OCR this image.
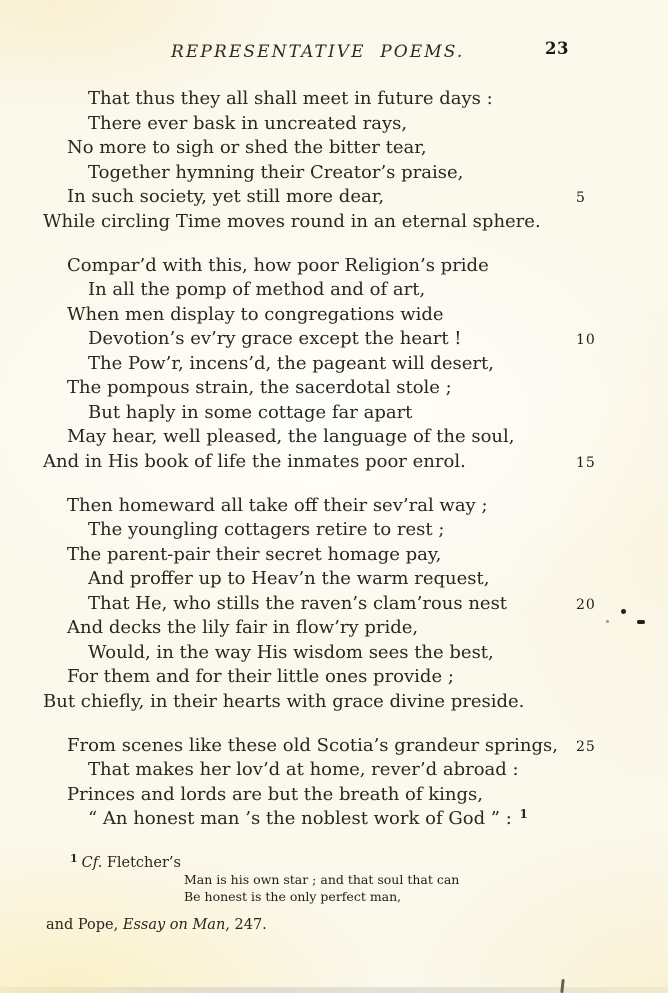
REPRESENTATIVE POEMS.	23
That thus they all shall meet in future days :
There ever bask in uncreated rays,
No more to sigh or shed the bitter tear,
Together hymning their Creator’s praise,
In such society, yet still more dear,	5
While circling Time moves round in an eternal sphere.
Compar’d with this, how poor Religion’s pride
In all the pomp of method and of art,
When men display to congregations wide
Devotion’s ev’ry grace except the heart !	10
The Pow’r, incens’d, the pageant will desert,
The pompous strain, the sacerdotal stole ;
But haply in some cottage far apart
May hear, well pleased, the language of the soul,
And in His book of life the inmates poor enrol.	15
Then homeward all take off their sev’ral way ;
The youngling cottagers retire to rest ;
The parent-pair their secret homage pay,
And proffer up to Heav’n the warm request,
That He, who stills the raven’s clam’rous nest	20
And decks the lily fair in flow’ry pride,
Would, in the way His wisdom sees the best,
For them and for their little ones provide ;
But chiefly, in their hearts with grace divine preside.
From scenes like these old Scotia’s grandeur springs, 25
That makes her lov’d at home, rever’d abroad :
Princes and lords are but the breath of kings,
“ An honest man ’s the noblest work of God ” : $^1$
$^1$ Cf. Fletcher’s
Man is his own star ; and that soul that can
Be honest is the only perfect man,
and Pope, Essay on Man, 247.
